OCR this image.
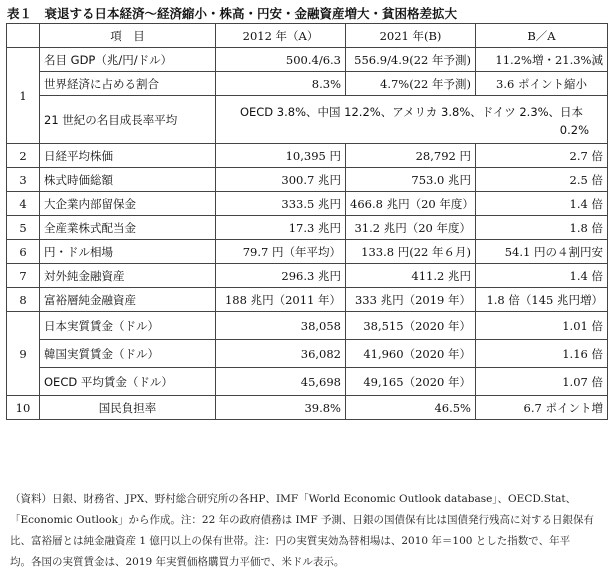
表１　衰退する日本経済～経済縮小・株高・円安・金融資産増大・貧困格差拡大
	項　目	2012 年（A）	2021 年(B)	B／A
1	名目 GDP（兆/円/ドル）	500.4/6.3	556.9/4.9(22 年予測)	11.2%増・21.3%減
	世界経済に占める割合	8.3%	4.7%(22 年予測)	3.6 ポイント縮小
	21 世紀の名目成長率平均	OECD 3.8%、中国 12.2%、アメリカ 3.8%、ドイツ 2.3%、日本
0.2%		

2	日経平均株価	10,395 円	28,792 円	2.7 倍
3	株式時価総額	300.7 兆円	753.0 兆円	2.5 倍
4	大企業内部留保金	333.5 兆円	466.8 兆円（20 年度）	1.4 倍
5	全産業株式配当金	17.3 兆円	31.2 兆円（20 年度）	1.8 倍
6	円・ドル相場	79.7 円（年平均）	133.8 円(22 年６月)	54.1 円の４割円安
7	対外純金融資産	296.3 兆円	411.2 兆円	1.4 倍
8	富裕層純金融資産	188 兆円（2011 年）	333 兆円（2019 年）	1.8 倍（145 兆円増）
9	日本実質賃金（ドル）	38,058	38,515（2020 年）	1.01 倍
	韓国実質賃金（ドル）	36,082	41,960（2020 年）	1.16 倍
	OECD 平均賃金（ドル）	45,698	49,165（2020 年）	1.07 倍
10	国民負担率	39.8%	46.5%	6.7 ポイント増

（資料）日銀、財務省、JPX、野村総合研究所の各HP、IMF「World Economic Outlook database」、OECD.Stat、

「Economic Outlook」から作成。注：22 年の政府債務は IMF 予測、日銀の国債保有比は国債発行残高に対する日銀保有

比、富裕層とは純金融資産 1 億円以上の保有世帯。注：円の実質実効為替相場は、2010 年＝100 とした指数で、年平

均。各国の実質賃金は、2019 年実質価格購買力平価で、米ドル表示。
